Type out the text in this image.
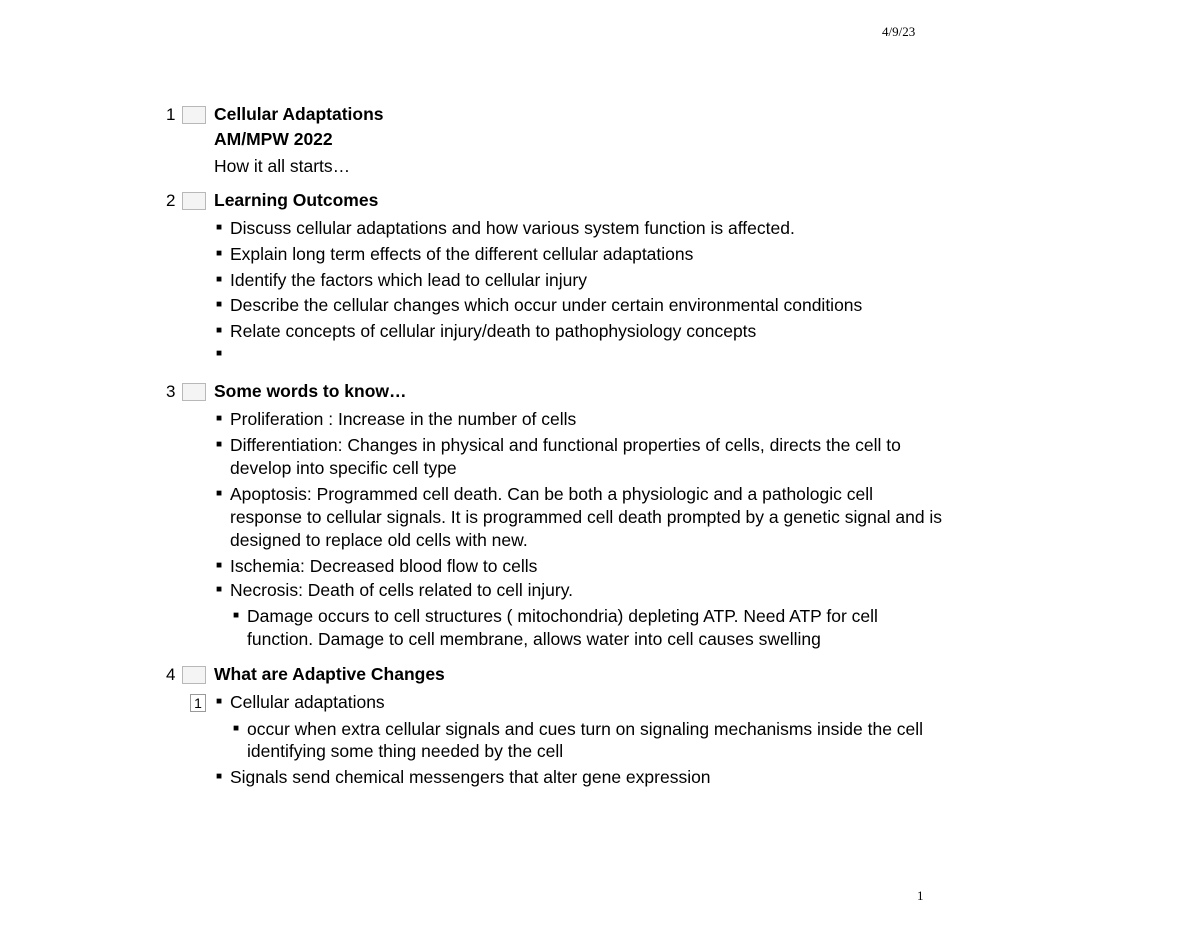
4/9/23
1 Cellular Adaptations
AM/MPW 2022
How it all starts…
2 Learning Outcomes
■ Discuss cellular adaptations and how various system function is affected.
■ Explain long term effects of the different cellular adaptations
■ Identify the factors which lead to cellular injury
■ Describe the cellular changes which occur under certain environmental conditions
■ Relate concepts of cellular injury/death to pathophysiology concepts
■
3 Some words to know…
■ Proliferation : Increase in the number of cells
■ Differentiation: Changes in physical and functional properties of cells, directs the cell to
develop into specific cell type
■ Apoptosis: Programmed cell death. Can be both a physiologic and a pathologic cell
response to cellular signals. It is programmed cell death prompted by a genetic signal and is
designed to replace old cells with new.
■ Ischemia: Decreased blood flow to cells
■ Necrosis: Death of cells related to cell injury.
■ Damage occurs to cell structures ( mitochondria) depleting ATP. Need ATP for cell
function. Damage to cell membrane, allows water into cell causes swelling
4 What are Adaptive Changes
1	■ Cellular adaptations
■ occur when extra cellular signals and cues turn on signaling mechanisms inside the cell
identifying some thing needed by the cell
■ Signals send chemical messengers that alter gene expression
1
